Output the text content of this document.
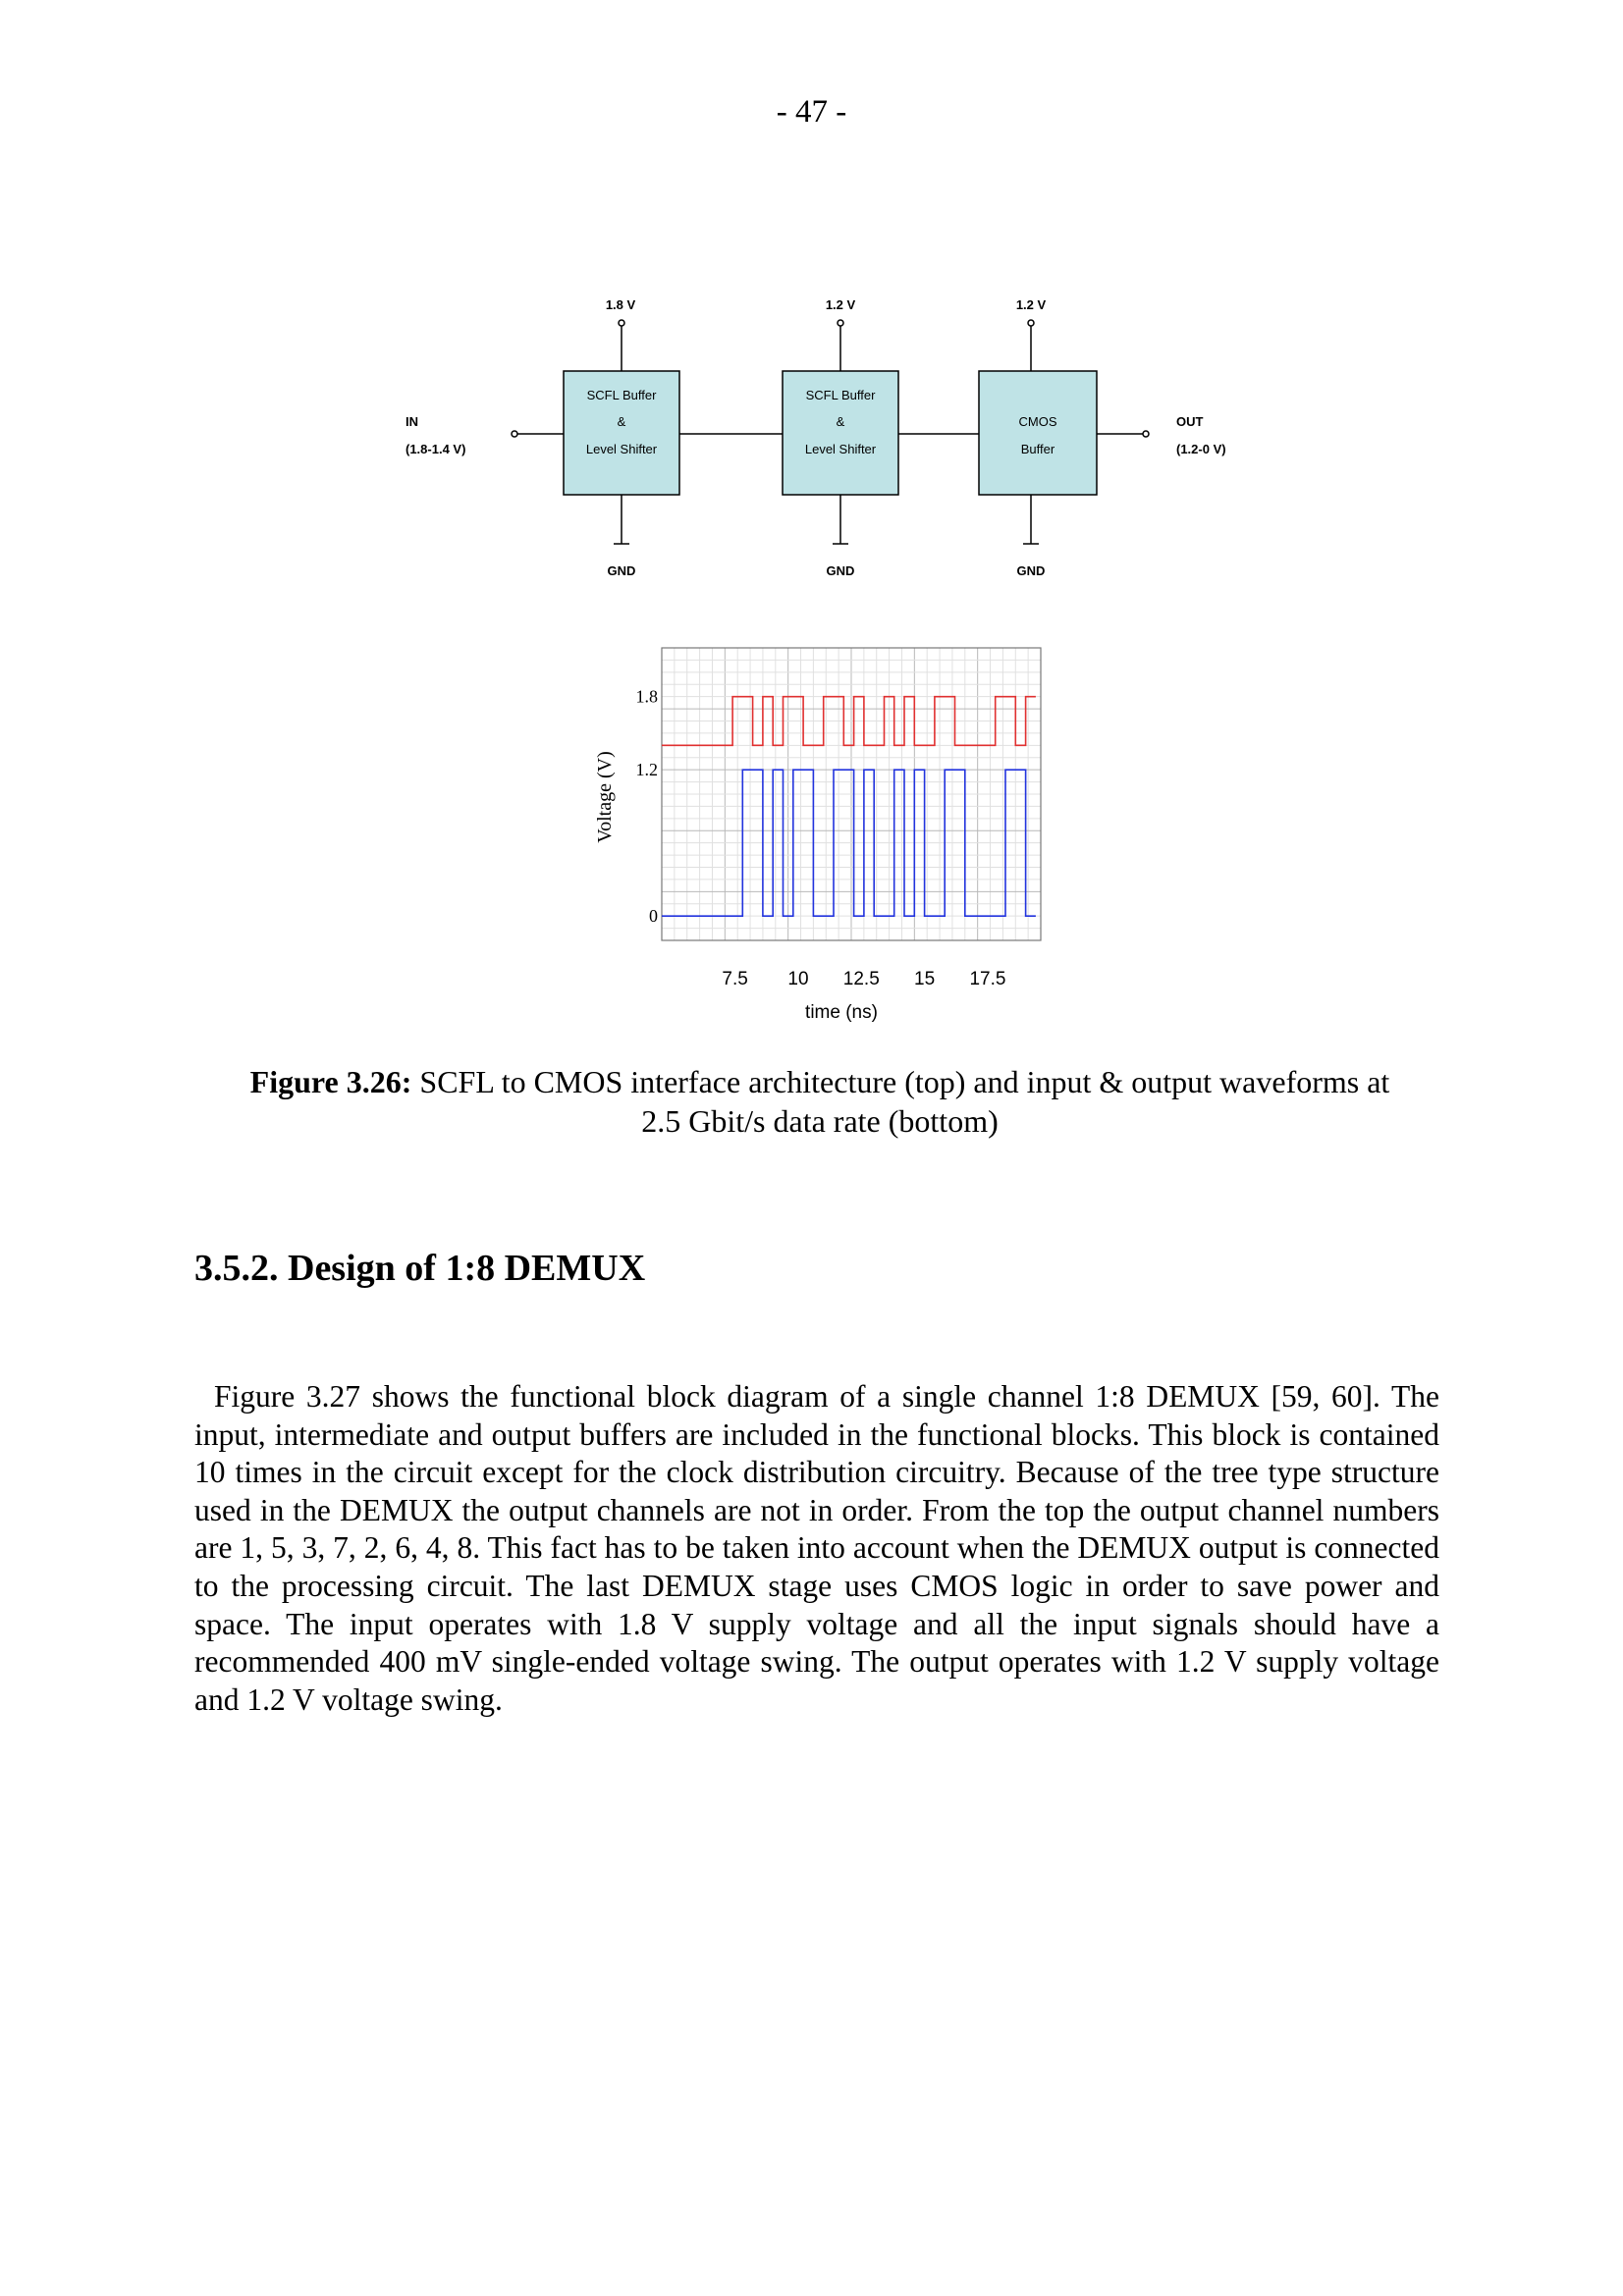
- 47 -
1.8 V	1.2 V	1.2 V
SCFL Buffer
&
Level Shifter
SCFL Buffer
&
Level Shifter
CMOS
Buffer
IN
(1.8-1.4 V)
OUT
(1.2-0 V)
GND	GND	GND
1.8
1.2
0
7.5 10 12.5 15 17.5
Voltage (V)
time (ns)
Figure 3.26: SCFL to CMOS interface architecture (top) and input & output waveforms at
2.5 Gbit/s data rate (bottom)
3.5.2. Design of 1:8 DEMUX
Figure 3.27 shows the functional block diagram of a single channel 1:8 DEMUX [59, 60]. The input, intermediate and output buffers are included in the functional blocks. This block is contained 10 times in the circuit except for the clock distribution circuitry. Because of the tree type structure used in the DEMUX the output channels are not in order. From the top the output channel numbers are 1, 5, 3, 7, 2, 6, 4, 8. This fact has to be taken into account when the DEMUX output is connected to the processing circuit. The last DEMUX stage uses CMOS logic in order to save power and space. The input operates with 1.8 V supply voltage and all the input signals should have a recommended 400 mV single-ended voltage swing. The output operates with 1.2 V supply voltage and 1.2 V voltage swing.
